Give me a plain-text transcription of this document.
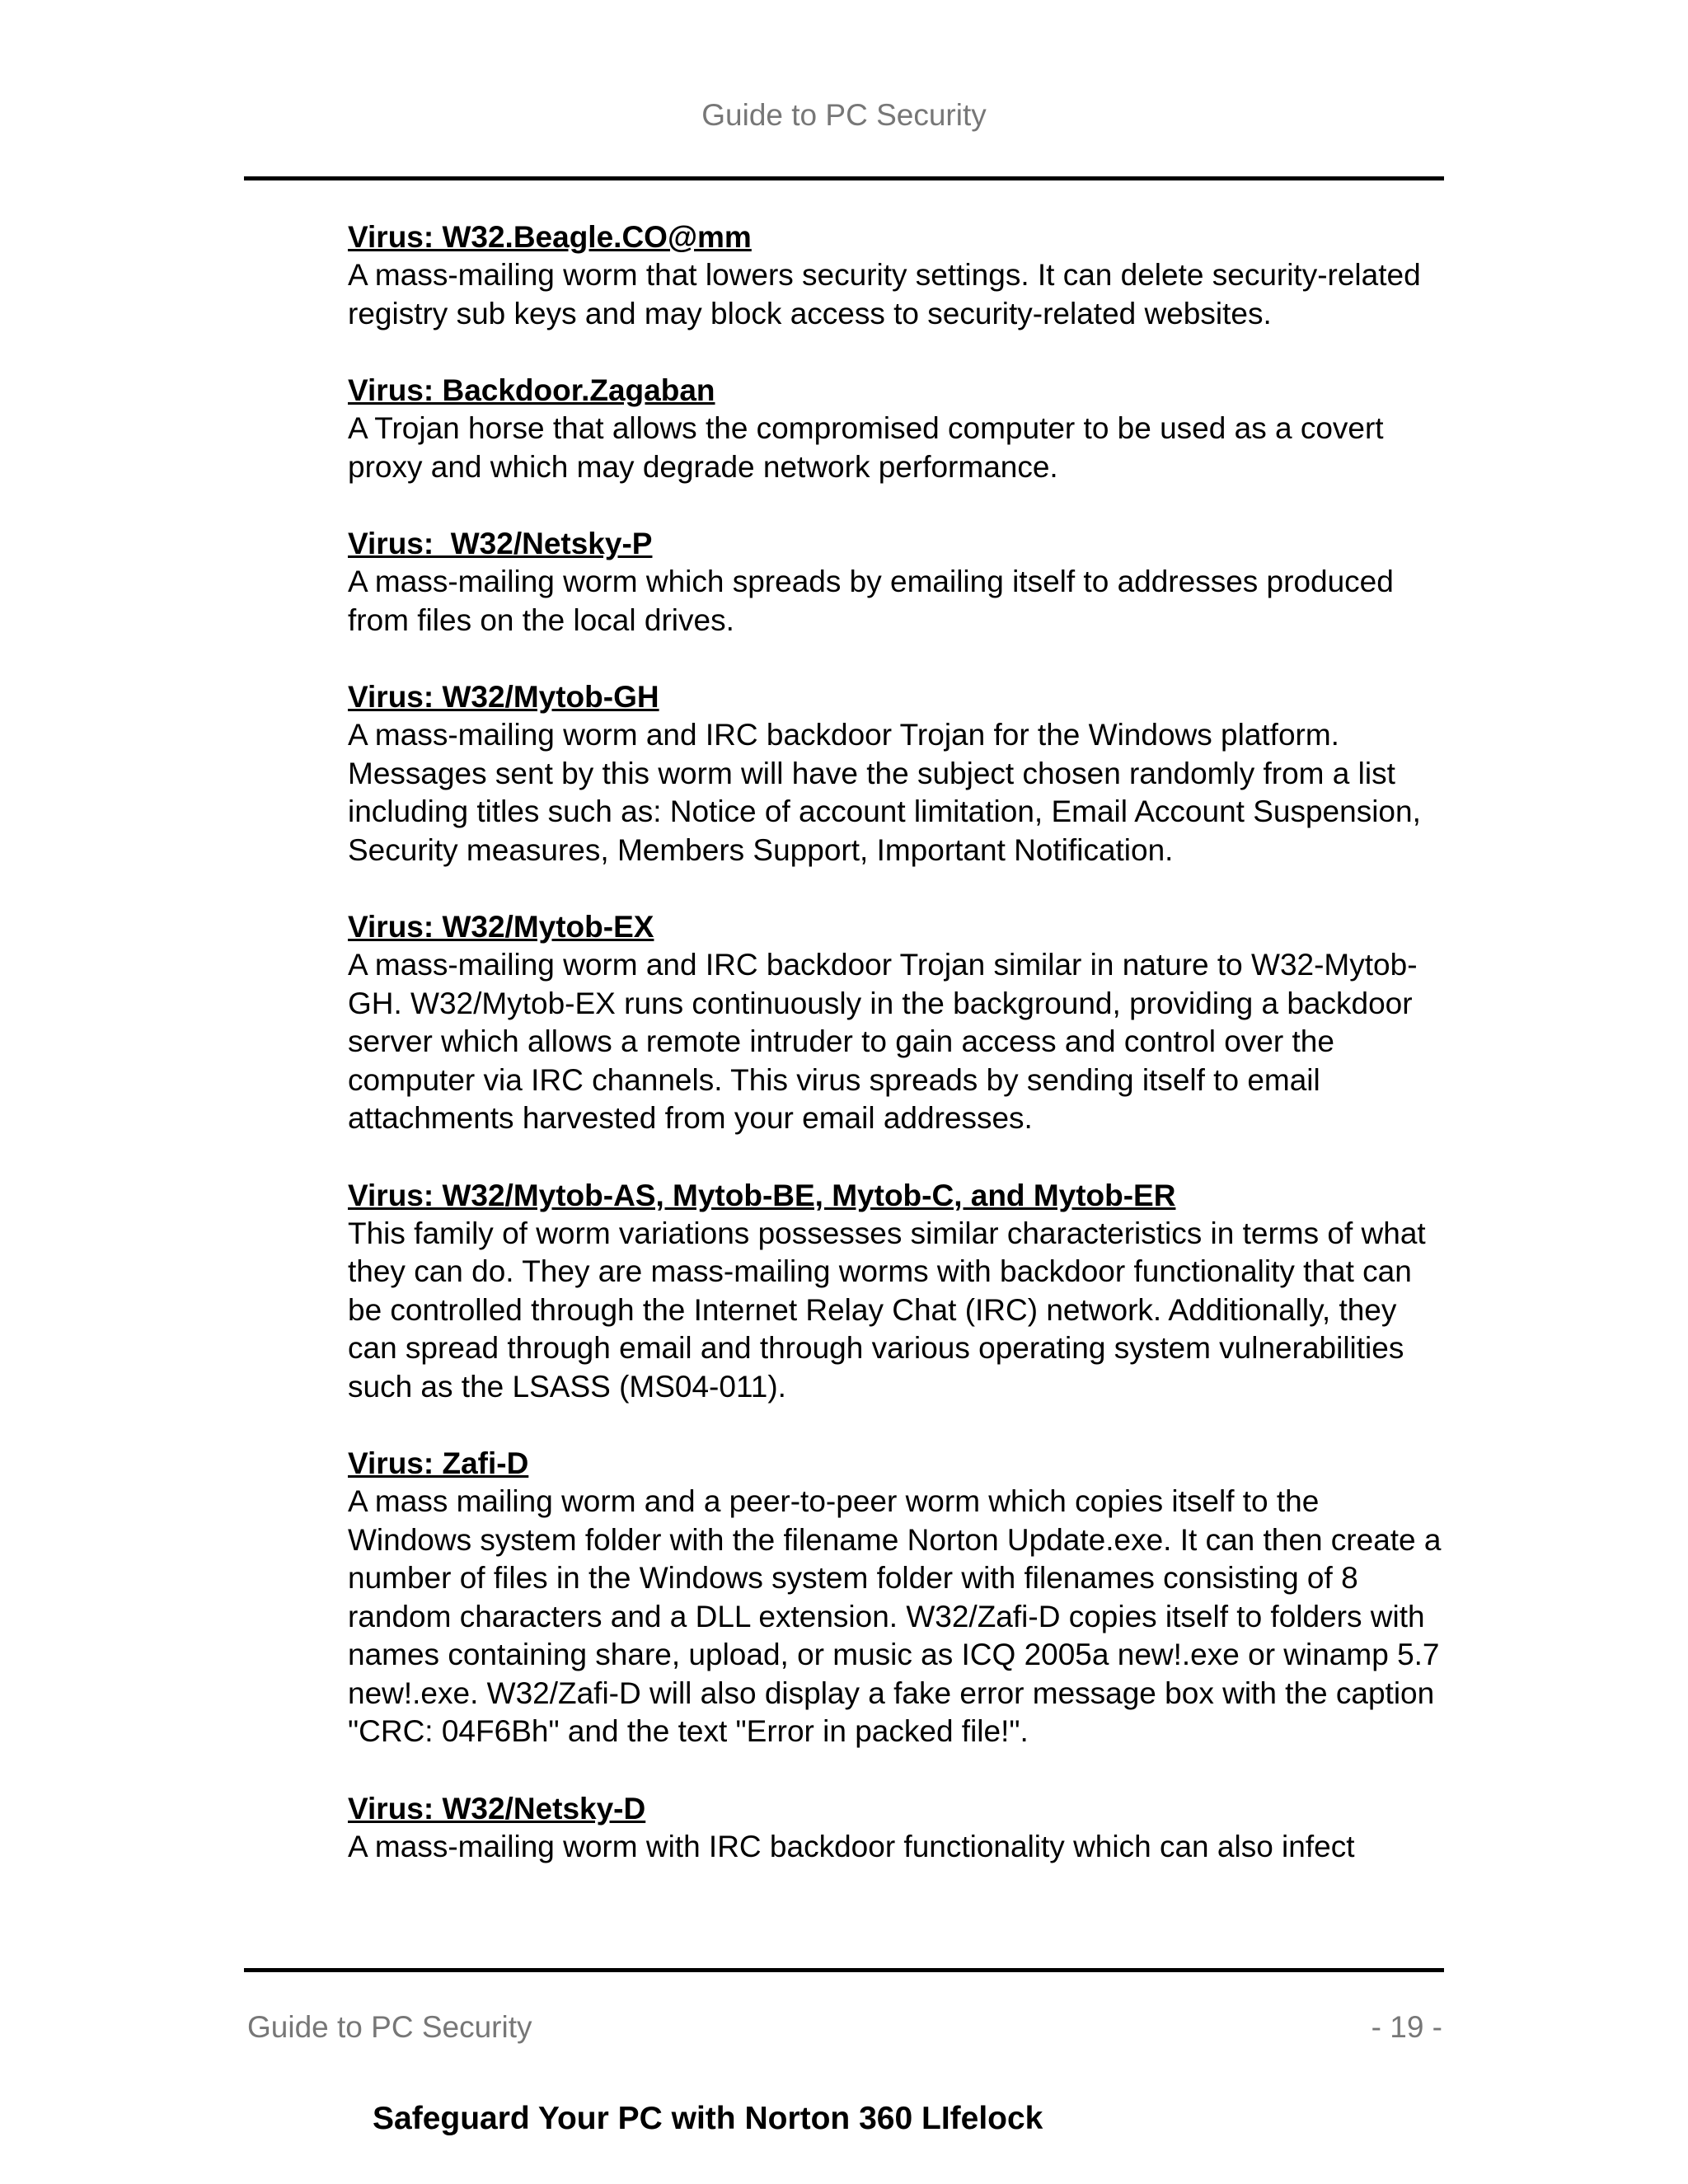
Guide to PC Security
Virus: W32.Beagle.CO@mm
A mass-mailing worm that lowers security settings. It can delete security-related
registry sub keys and may block access to security-related websites.
Virus: Backdoor.Zagaban
A Trojan horse that allows the compromised computer to be used as a covert
proxy and which may degrade network performance.
Virus:  W32/Netsky-P
A mass-mailing worm which spreads by emailing itself to addresses produced
from files on the local drives.
Virus: W32/Mytob-GH
A mass-mailing worm and IRC backdoor Trojan for the Windows platform.
Messages sent by this worm will have the subject chosen randomly from a list
including titles such as: Notice of account limitation, Email Account Suspension,
Security measures, Members Support, Important Notification.
Virus: W32/Mytob-EX
A mass-mailing worm and IRC backdoor Trojan similar in nature to W32-Mytob-
GH. W32/Mytob-EX runs continuously in the background, providing a backdoor
server which allows a remote intruder to gain access and control over the
computer via IRC channels. This virus spreads by sending itself to email
attachments harvested from your email addresses.
Virus: W32/Mytob-AS, Mytob-BE, Mytob-C, and Mytob-ER
This family of worm variations possesses similar characteristics in terms of what
they can do. They are mass-mailing worms with backdoor functionality that can
be controlled through the Internet Relay Chat (IRC) network. Additionally, they
can spread through email and through various operating system vulnerabilities
such as the LSASS (MS04-011).
Virus: Zafi-D
A mass mailing worm and a peer-to-peer worm which copies itself to the
Windows system folder with the filename Norton Update.exe. It can then create a
number of files in the Windows system folder with filenames consisting of 8
random characters and a DLL extension. W32/Zafi-D copies itself to folders with
names containing share, upload, or music as ICQ 2005a new!.exe or winamp 5.7
new!.exe. W32/Zafi-D will also display a fake error message box with the caption
"CRC: 04F6Bh" and the text "Error in packed file!".
Virus: W32/Netsky-D
A mass-mailing worm with IRC backdoor functionality which can also infect
Guide to PC Security	- 19 -
Safeguard Your PC with Norton 360 LIfelock
